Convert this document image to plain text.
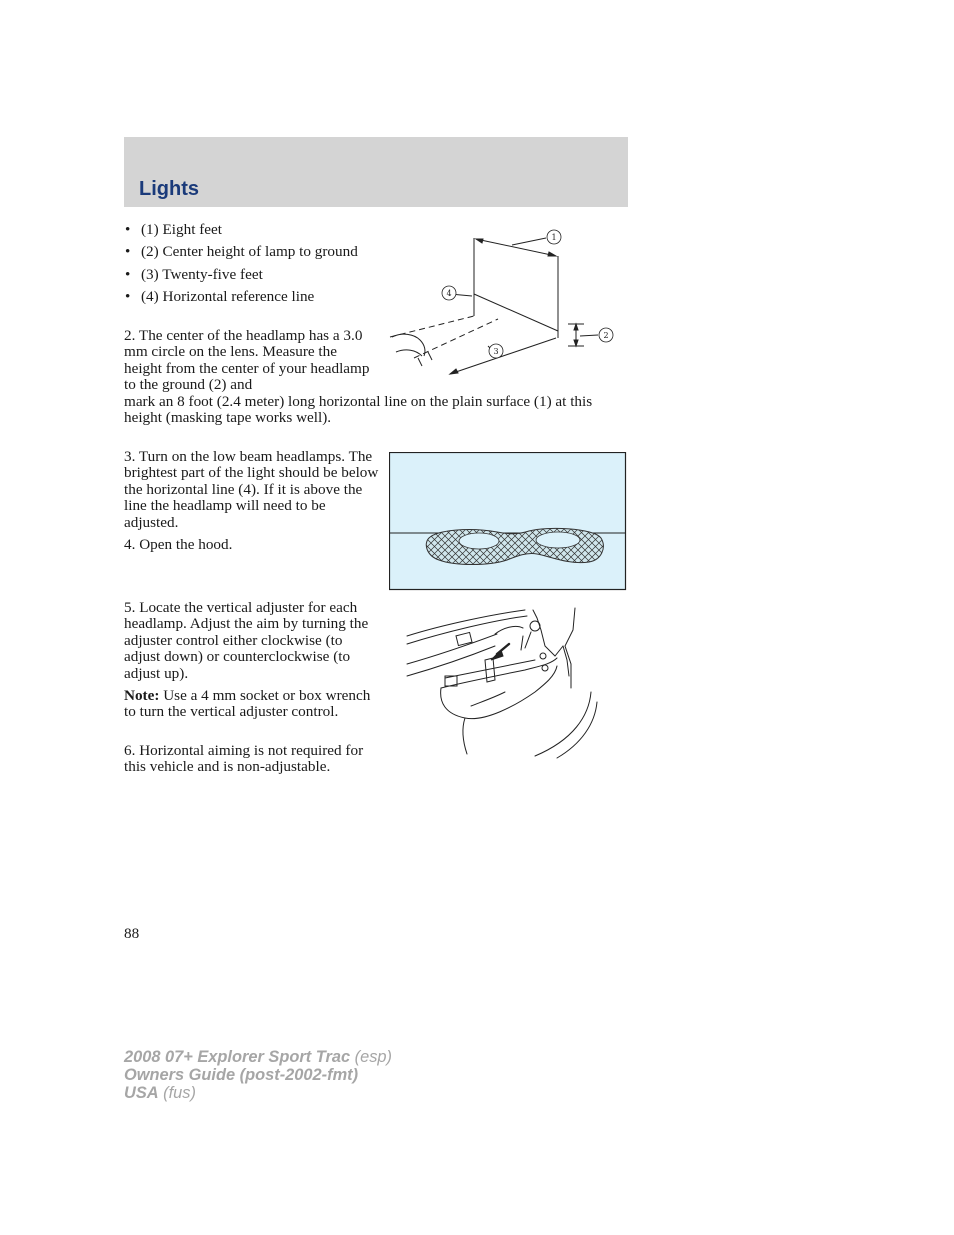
Lights
• (1) Eight feet
• (2) Center height of lamp to ground
• (3) Twenty-five feet
• (4) Horizontal reference line
1
4
2
3

2. The center of the headlamp has a 3.0 mm circle on the lens. Measure the height from the center of your headlamp to the ground (2) and
mark an 8 foot (2.4 meter) long horizontal line on the plain surface (1) at this height (masking tape works well).

3. Turn on the low beam headlamps. The brightest part of the light should be below the horizontal line (4). If it is above the line the headlamp will need to be adjusted.

4. Open the hood.

5. Locate the vertical adjuster for each headlamp. Adjust the aim by turning the adjuster control either clockwise (to adjust down) or counterclockwise (to adjust up).

Note: Use a 4 mm socket or box wrench to turn the vertical adjuster control.

6. Horizontal aiming is not required for this vehicle and is non-adjustable.

88
2008 07+ Explorer Sport Trac (esp)
Owners Guide (post-2002-fmt)
USA (fus)
